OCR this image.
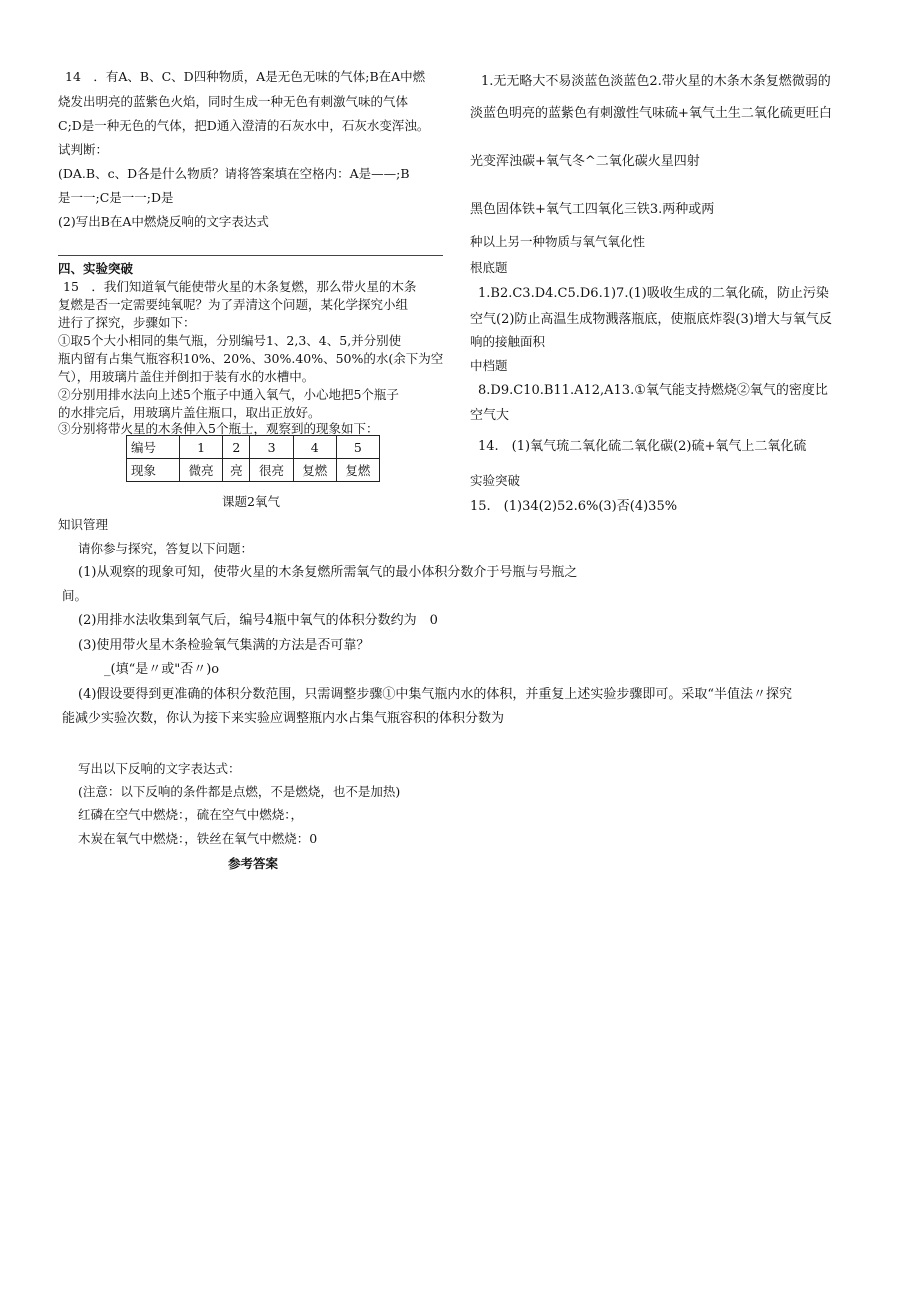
14　．有A、B、C、D四种物质，A是无色无味的气体;B在A中燃
烧发出明亮的蓝紫色火焰，同时生成一种无色有刺激气味的气体
C;D是一种无色的气体，把D通入澄清的石灰水中，石灰水变浑浊。
试判断：
(DA.B、c、D各是什么物质？请将答案填在空格内：A是——;B
是一一;C是一一;D是
(2)写出B在A中燃烧反响的文字表达式
四、实验突破
15　．我们知道氧气能使带火星的木条复燃，那么带火星的木条
复燃是否一定需要纯氧呢？为了弄清这个问题，某化学探究小组
进行了探究，步骤如下：
①取5个大小相同的集气瓶，分别编号1、2,3、4、5,并分别使
瓶内留有占集气瓶容积10%、20%、30%.40%、50%的水(余下为空
气），用玻璃片盖住并倒扣于装有水的水槽中。
②分别用排水法向上述5个瓶子中通入氧气，小心地把5个瓶子
的水排完后，用玻璃片盖住瓶口，取出正放好。
③分别将带火星的木条伸入5个瓶士，观察到的现象如下：
编号	1	2	3	4	5
现象	微亮	亮	很亮	复燃	复燃
课题2氧气
知识管理
请你参与探究，答复以下问题：
(1)从观察的现象可知，使带火星的木条复燃所需氧气的最小体积分数介于号瓶与号瓶之
间。
(2)用排水法收集到氧气后，编号4瓶中氧气的体积分数约为　0
(3)使用带火星木条检验氧气集满的方法是否可靠？
_(填“是〃或"否〃)o
(4)假设要得到更准确的体积分数范围，只需调整步骤①中集气瓶内水的体积，并重复上述实验步骤即可。采取“半值法〃探究
能减少实验次数，你认为接下来实验应调整瓶内水占集气瓶容积的体积分数为
写出以下反响的文字表达式：
(注意：以下反响的条件都是点燃，不是燃烧，也不是加热)
红磷在空气中燃烧：，硫在空气中燃烧：，
木炭在氧气中燃烧：，铁丝在氧气中燃烧：0
参考答案
1.无无略大不易淡蓝色淡蓝色2.带火星的木条木条复燃微弱的
淡蓝色明亮的蓝紫色有刺激性气味硫+氧气土生二氧化硫更旺白
光变浑浊碳+氧气冬^二氧化碳火星四射
黑色固体铁+氧气工四氧化三铁3.两种或两
种以上另一种物质与氧气氧化性
根底题
1.B2.C3.D4.C5.D6.1)7.(1)吸收生成的二氧化硫，防止污染
空气(2)防止高温生成物溅落瓶底，使瓶底炸裂(3)增大与氧气反
响的接触面积
中档题
8.D9.C10.B11.A12,A13.①氧气能支持燃烧②氧气的密度比
空气大
14.　(1)氧气琉二氧化硫二氧化碳(2)硫+氧气上二氧化硫
实验突破
15.　(1)34(2)52.6%(3)否(4)35%
